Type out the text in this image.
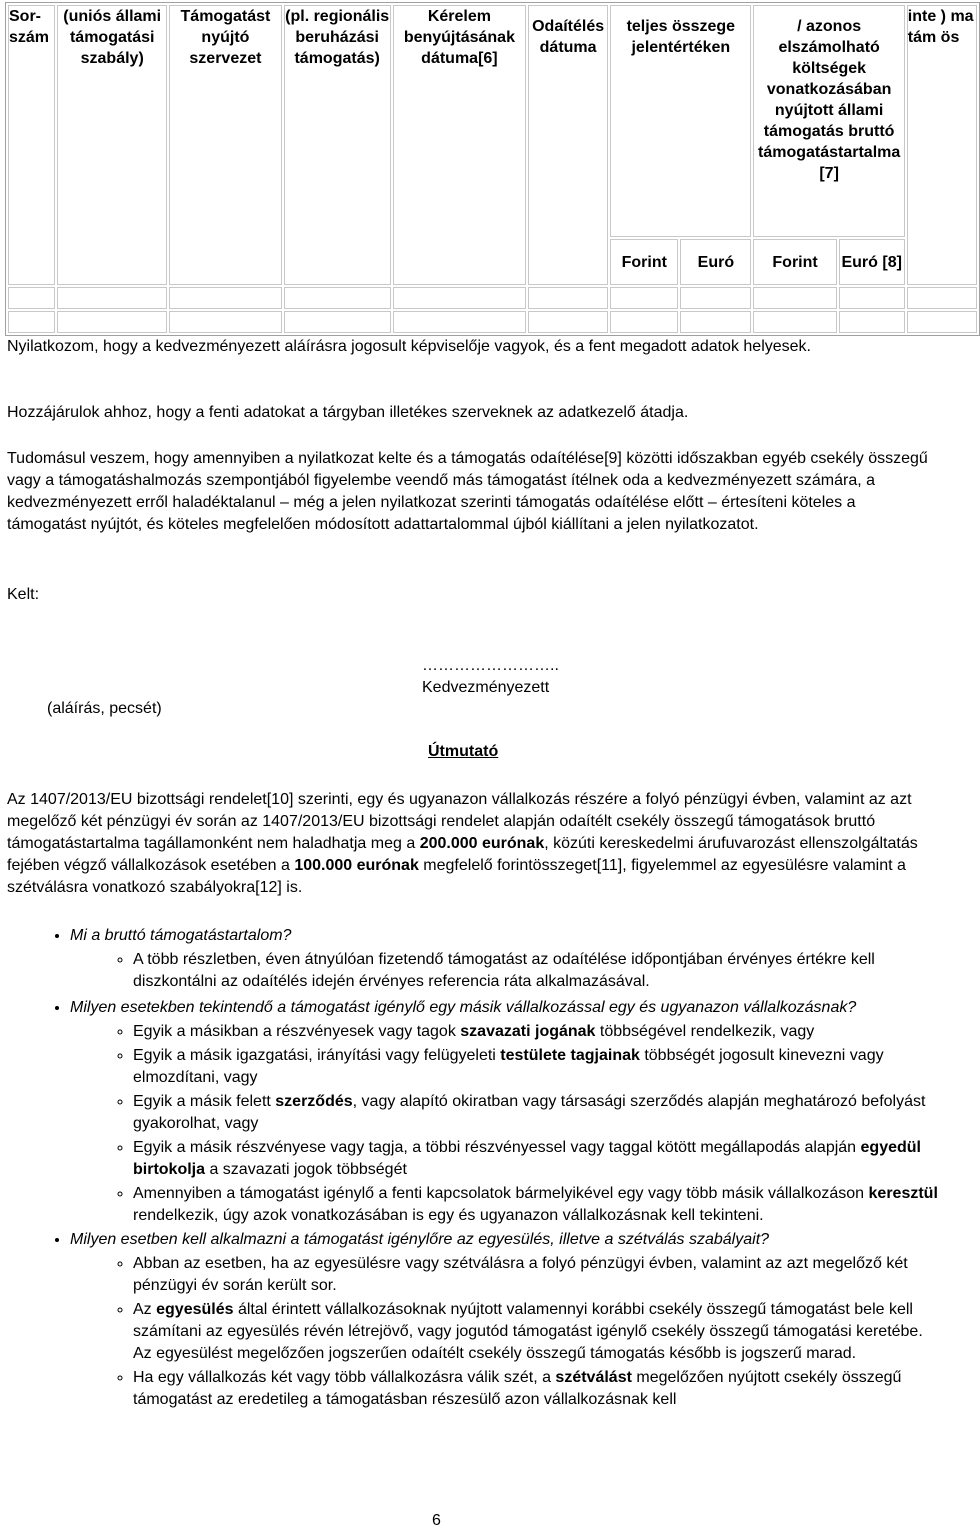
Sor-szám	(uniós állami támogatási szabály)	Támogatást nyújtó szervezet	(pl. regionális beruházási támogatás)	Kérelem benyújtásának dátuma[6]	Odaítélés dátuma	teljes összege jelentértéken		/ azonos elszámolható költségek vonatkozásában nyújtott állami támogatás bruttó támogatástartalma [7]		inte ) ma tám ös
						Forint	Euró	Forint	Euró [8]	

Nyilatkozom, hogy a kedvezményezett aláírásra jogosult képviselője vagyok, és a fent megadott adatok helyesek.
Hozzájárulok ahhoz, hogy a fenti adatokat a tárgyban illetékes szerveknek az adatkezelő átadja.
Tudomásul veszem, hogy amennyiben a nyilatkozat kelte és a támogatás odaítélése[9] közötti időszakban egyéb csekély összegű vagy a támogatáshalmozás szempontjából figyelembe veendő más támogatást ítélnek oda a kedvezményezett számára, a kedvezményezett erről haladéktalanul – még a jelen nyilatkozat szerinti támogatás odaítélése előtt – értesíteni köteles a támogatást nyújtót, és köteles megfelelően módosított adattartalommal újból kiállítani a jelen nyilatkozatot.
Kelt:
……………………..
Kedvezményezett
(aláírás, pecsét)
Útmutató
Az 1407/2013/EU bizottsági rendelet[10] szerinti, egy és ugyanazon vállalkozás részére a folyó pénzügyi évben, valamint az azt megelőző két pénzügyi év során az 1407/2013/EU bizottsági rendelet alapján odaítélt csekély összegű támogatások bruttó támogatástartalma tagállamonként nem haladhatja meg a 200.000 eurónak, közúti kereskedelmi árufuvarozást ellenszolgáltatás fejében végző vállalkozások esetében a 100.000 eurónak megfelelő forintösszeget[11], figyelemmel az egyesülésre valamint a szétválásra vonatkozó szabályokra[12] is.
• Mi a bruttó támogatástartalom?
◦ A több részletben, éven átnyúlóan fizetendő támogatást az odaítélése időpontjában érvényes értékre kell diszkontálni az odaítélés idején érvényes referencia ráta alkalmazásával.
• Milyen esetekben tekintendő a támogatást igénylő egy másik vállalkozással egy és ugyanazon vállalkozásnak?
◦ Egyik a másikban a részvényesek vagy tagok szavazati jogának többségével rendelkezik, vagy
◦ Egyik a másik igazgatási, irányítási vagy felügyeleti testülete tagjainak többségét jogosult kinevezni vagy elmozdítani, vagy
◦ Egyik a másik felett szerződés, vagy alapító okiratban vagy társasági szerződés alapján meghatározó befolyást gyakorolhat, vagy
◦ Egyik a másik részvényese vagy tagja, a többi részvényessel vagy taggal kötött megállapodás alapján egyedül birtokolja a szavazati jogok többségét
◦ Amennyiben a támogatást igénylő a fenti kapcsolatok bármelyikével egy vagy több másik vállalkozáson keresztül rendelkezik, úgy azok vonatkozásában is egy és ugyanazon vállalkozásnak kell tekinteni.
• Milyen esetben kell alkalmazni a támogatást igénylőre az egyesülés, illetve a szétválás szabályait?
◦ Abban az esetben, ha az egyesülésre vagy szétválásra a folyó pénzügyi évben, valamint az azt megelőző két pénzügyi év során került sor.
◦ Az egyesülés által érintett vállalkozásoknak nyújtott valamennyi korábbi csekély összegű támogatást bele kell számítani az egyesülés révén létrejövő, vagy jogutód támogatást igénylő csekély összegű támogatási keretébe. Az egyesülést megelőzően jogszerűen odaítélt csekély összegű támogatás később is jogszerű marad.
◦ Ha egy vállalkozás két vagy több vállalkozásra válik szét, a szétválást megelőzően nyújtott csekély összegű támogatást az eredetileg a támogatásban részesülő azon vállalkozásnak kell
6
